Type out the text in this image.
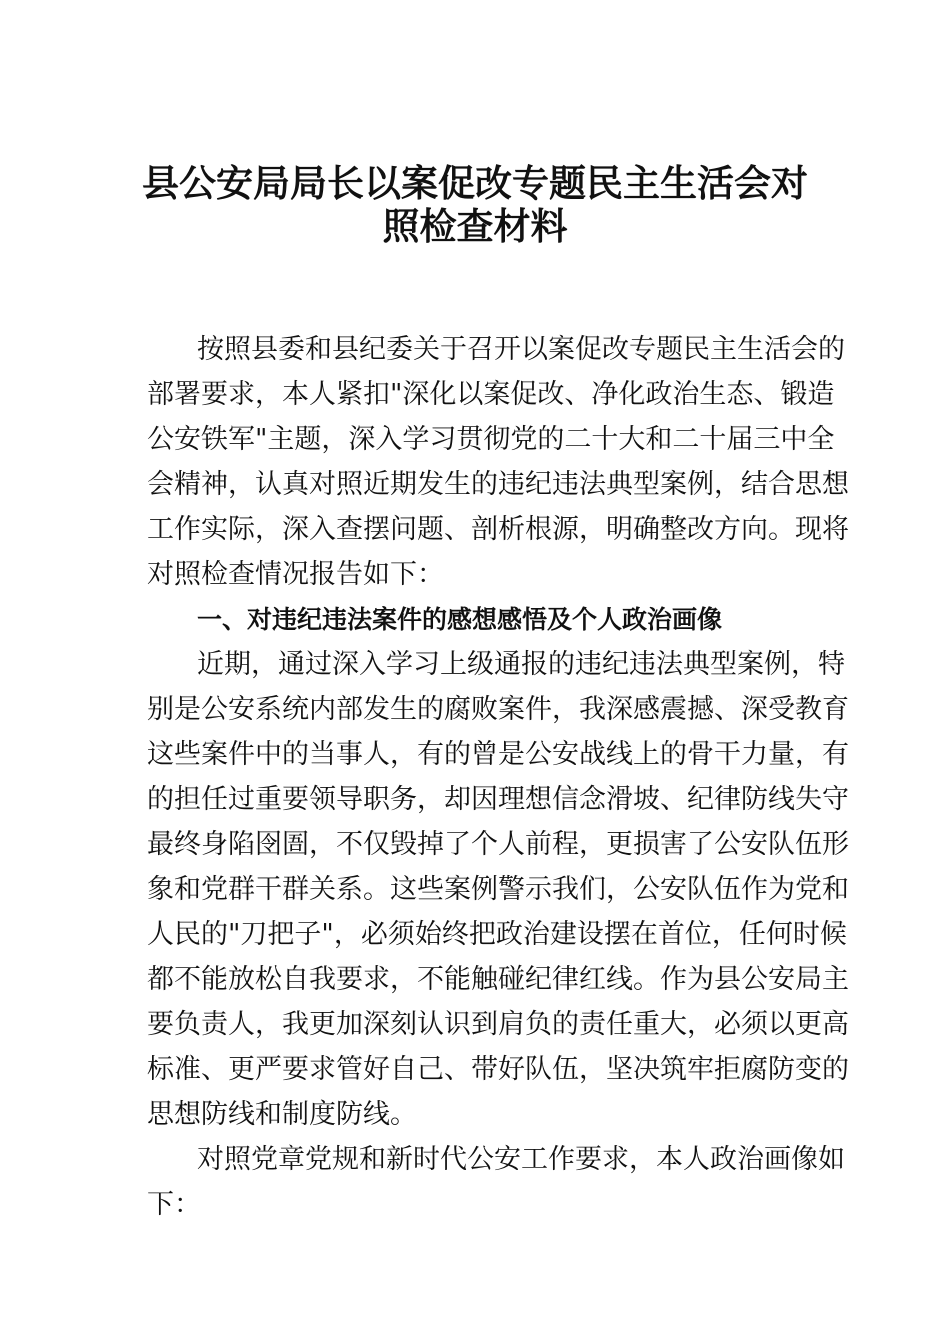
县公安局局长以案促改专题民主生活会对
照检查材料
按照县委和县纪委关于召开以案促改专题民主生活会的
部署要求，本人紧扣"深化以案促改、净化政治生态、锻造
公安铁军"主题，深入学习贯彻党的二十大和二十届三中全
会精神，认真对照近期发生的违纪违法典型案例，结合思想
工作实际，深入查摆问题、剖析根源，明确整改方向。现将
对照检查情况报告如下：
一、对违纪违法案件的感想感悟及个人政治画像
近期，通过深入学习上级通报的违纪违法典型案例，特
别是公安系统内部发生的腐败案件，我深感震撼、深受教育
这些案件中的当事人，有的曾是公安战线上的骨干力量，有
的担任过重要领导职务，却因理想信念滑坡、纪律防线失守
最终身陷囹圄，不仅毁掉了个人前程，更损害了公安队伍形
象和党群干群关系。这些案例警示我们，公安队伍作为党和
人民的"刀把子"，必须始终把政治建设摆在首位，任何时候
都不能放松自我要求，不能触碰纪律红线。作为县公安局主
要负责人，我更加深刻认识到肩负的责任重大，必须以更高
标准、更严要求管好自己、带好队伍，坚决筑牢拒腐防变的
思想防线和制度防线。
对照党章党规和新时代公安工作要求，本人政治画像如
下：
